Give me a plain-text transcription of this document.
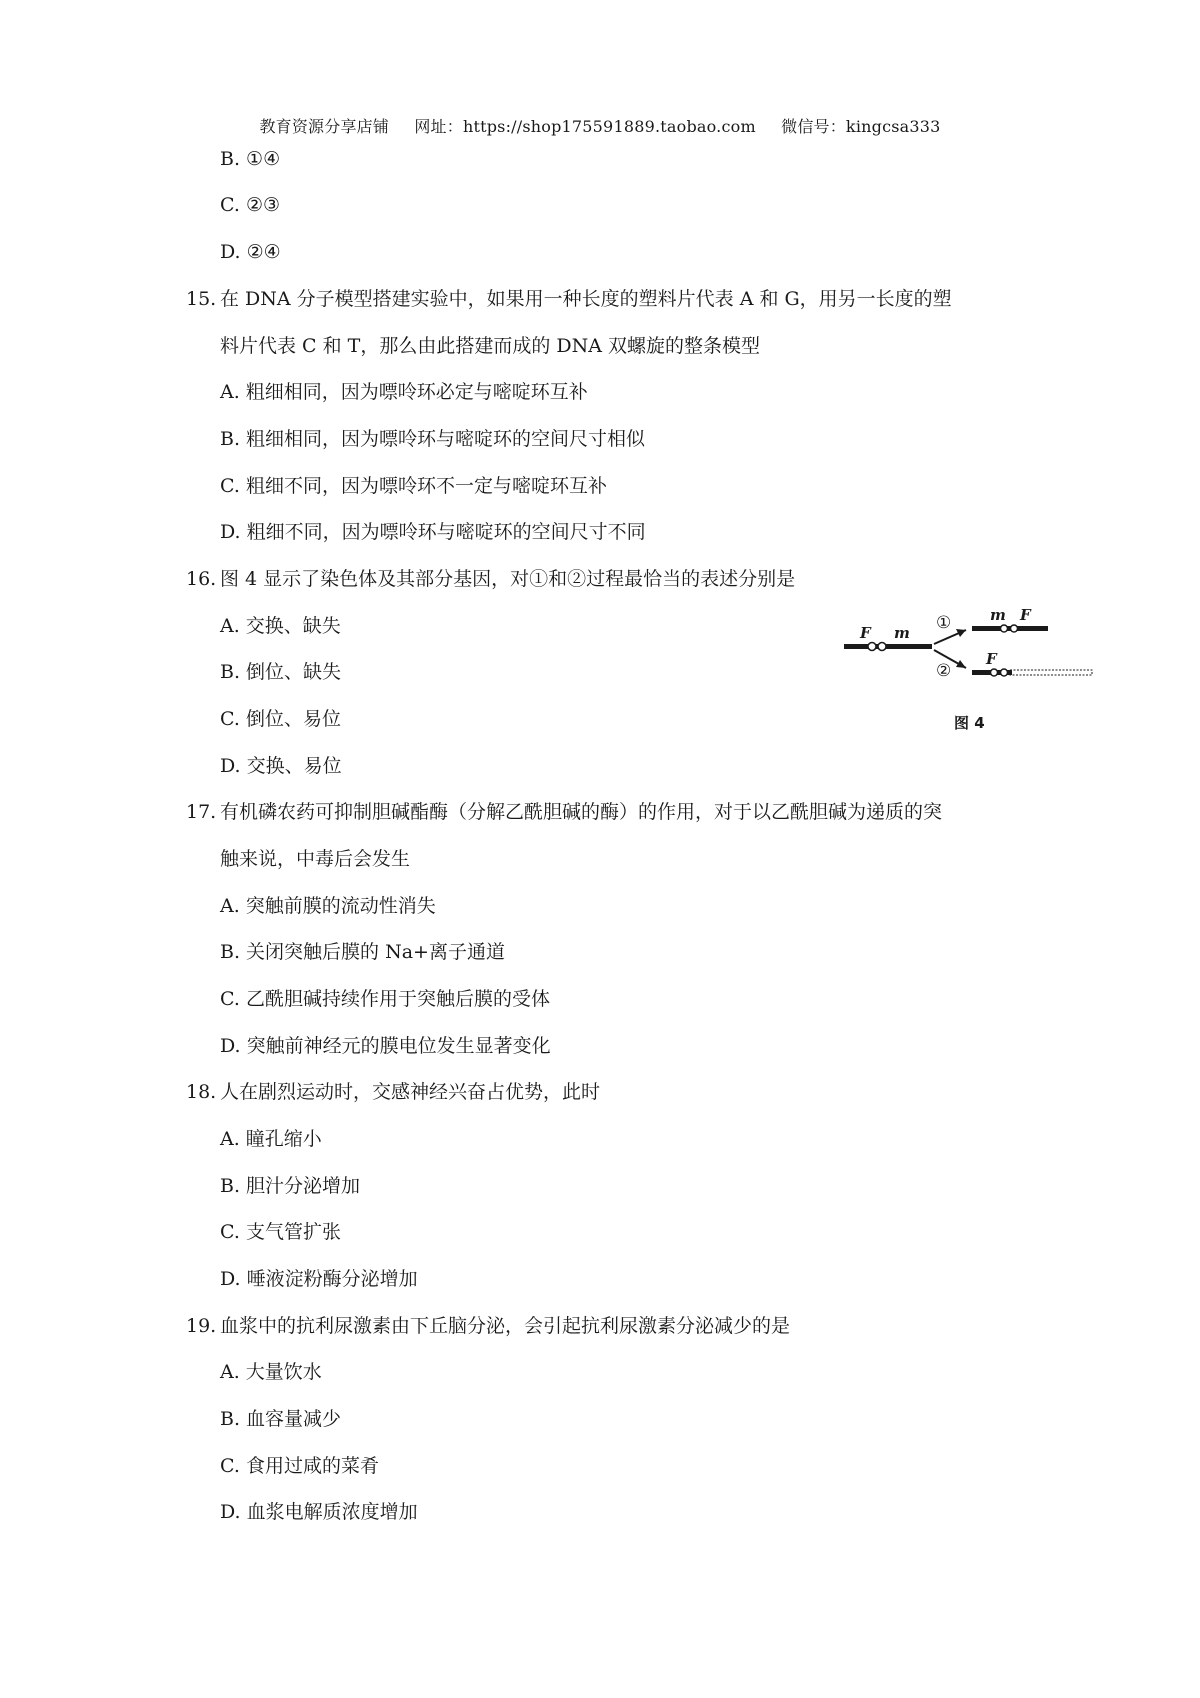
教育资源分享店铺 网址：https://shop175591889.taobao.com 微信号：kingcsa333
B. ①④
C. ②③
D. ②④
15. 在 DNA 分子模型搭建实验中，如果用一种长度的塑料片代表 A 和 G，用另一长度的塑
料片代表 C 和 T，那么由此搭建而成的 DNA 双螺旋的整条模型
A. 粗细相同，因为嘌呤环必定与嘧啶环互补
B. 粗细相同，因为嘌呤环与嘧啶环的空间尺寸相似
C. 粗细不同，因为嘌呤环不一定与嘧啶环互补
D. 粗细不同，因为嘌呤环与嘧啶环的空间尺寸不同
16. 图 4 显示了染色体及其部分基因，对①和②过程最恰当的表述分别是
A. 交换、缺失
B. 倒位、缺失
C. 倒位、易位
D. 交换、易位
F m ①
②
m F
F
图 4
17. 有机磷农药可抑制胆碱酯酶（分解乙酰胆碱的酶）的作用，对于以乙酰胆碱为递质的突
触来说，中毒后会发生
A. 突触前膜的流动性消失
B. 关闭突触后膜的 Na+离子通道
C. 乙酰胆碱持续作用于突触后膜的受体
D. 突触前神经元的膜电位发生显著变化
18. 人在剧烈运动时，交感神经兴奋占优势，此时
A. 瞳孔缩小
B. 胆汁分泌增加
C. 支气管扩张
D. 唾液淀粉酶分泌增加
19. 血浆中的抗利尿激素由下丘脑分泌，会引起抗利尿激素分泌减少的是
A. 大量饮水
B. 血容量减少
C. 食用过咸的菜肴
D. 血浆电解质浓度增加
